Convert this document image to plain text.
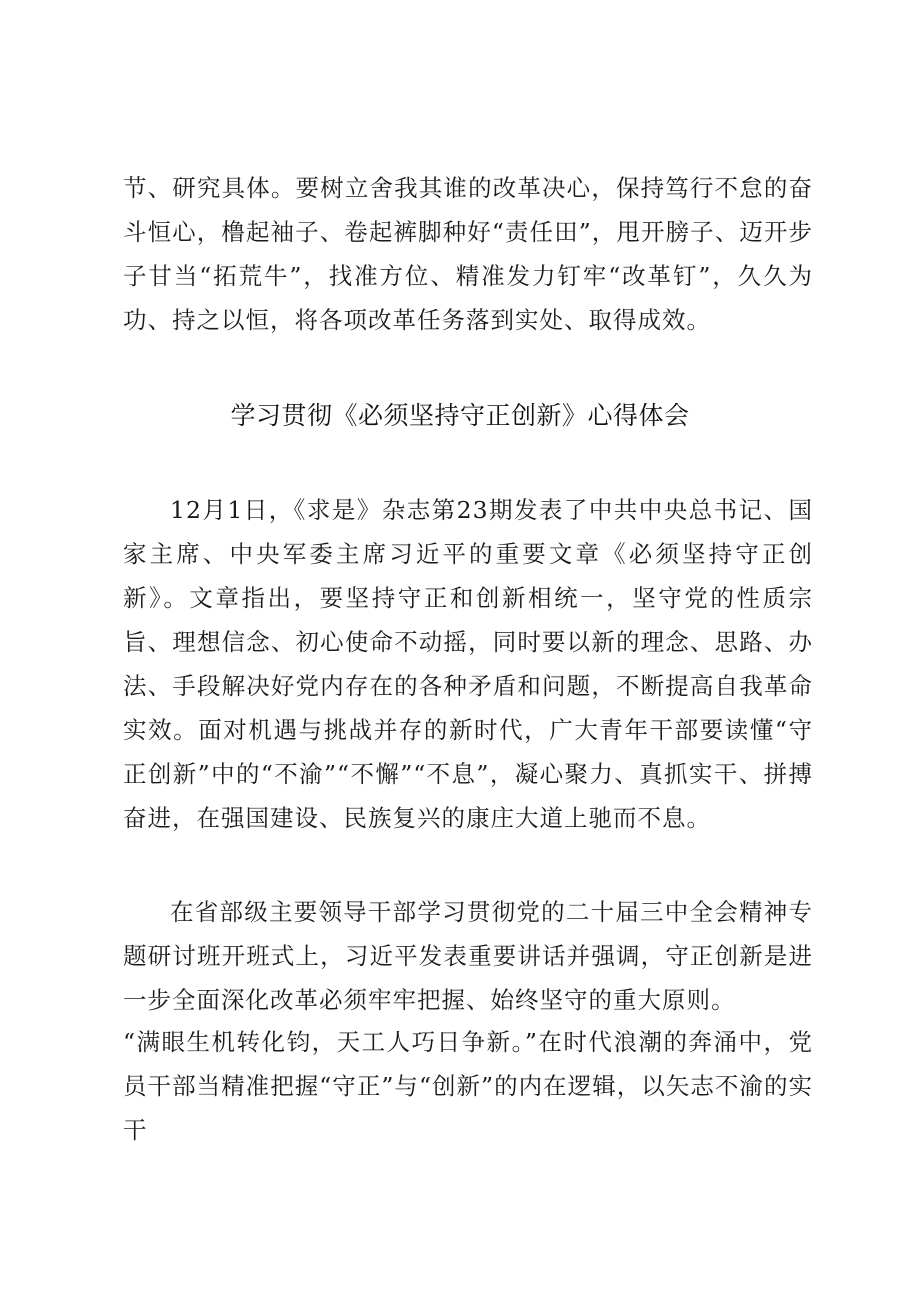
节、研究具体。要树立舍我其谁的改革决心，保持笃行不怠的奋斗恒心，橹起袖子、卷起裤脚种好“责任田”，甩开膀子、迈开步子甘当“拓荒牛”，找准方位、精准发力钉牢“改革钉”，久久为功、持之以恒，将各项改革任务落到实处、取得成效。

学习贯彻《必须坚持守正创新》心得体会

12月1日，《求是》杂志第23期发表了中共中央总书记、国家主席、中央军委主席习近平的重要文章《必须坚持守正创新》。文章指出，要坚持守正和创新相统一，坚守党的性质宗旨、理想信念、初心使命不动摇，同时要以新的理念、思路、办法、手段解决好党内存在的各种矛盾和问题，不断提高自我革命实效。面对机遇与挑战并存的新时代，广大青年干部要读懂“守正创新”中的“不渝”“不懈”“不息”，凝心聚力、真抓实干、拼搏奋进，在强国建设、民族复兴的康庄大道上驰而不息。

在省部级主要领导干部学习贯彻党的二十届三中全会精神专题研讨班开班式上，习近平发表重要讲话并强调，守正创新是进一步全面深化改革必须牢牢把握、始终坚守的重大原则。

“满眼生机转化钧，天工人巧日争新。”在时代浪潮的奔涌中，党员干部当精准把握“守正”与“创新”的内在逻辑，以矢志不渝的实干
